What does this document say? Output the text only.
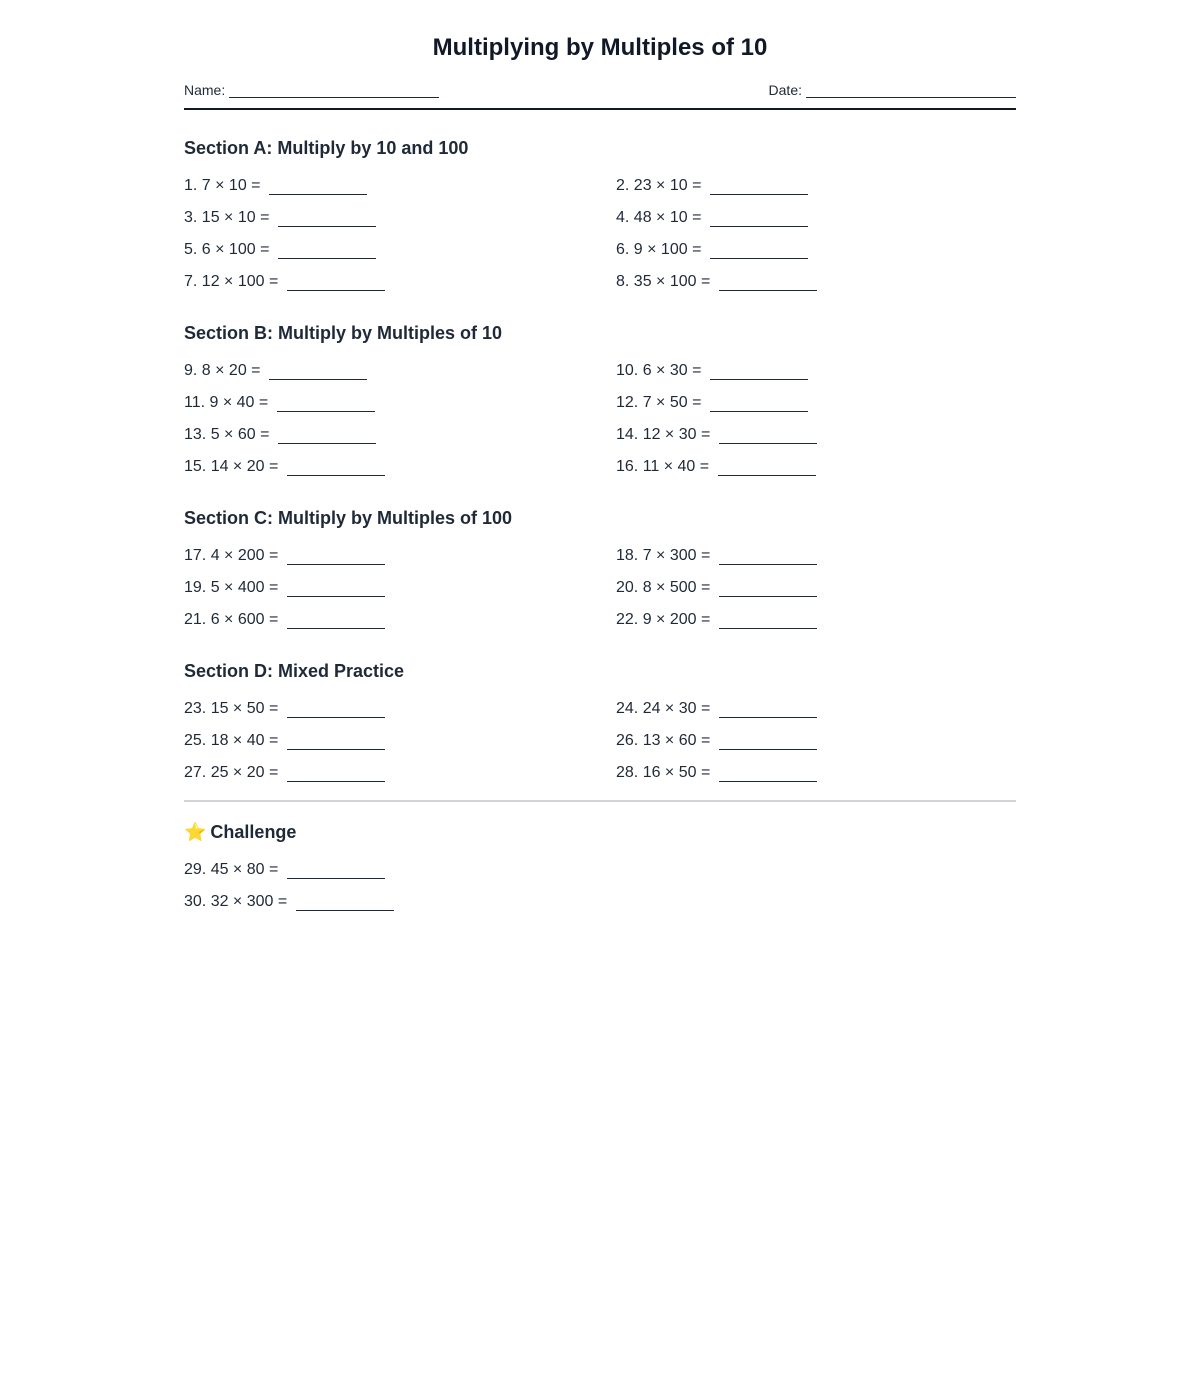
Multiplying by Multiples of 10
Name:	Date:
Section A: Multiply by 10 and 100
1. 7 × 10 =	2. 23 × 10 =
3. 15 × 10 =	4. 48 × 10 =
5. 6 × 100 =	6. 9 × 100 =
7. 12 × 100 =	8. 35 × 100 =
Section B: Multiply by Multiples of 10
9. 8 × 20 =	10. 6 × 30 =
11. 9 × 40 =	12. 7 × 50 =
13. 5 × 60 =	14. 12 × 30 =
15. 14 × 20 =	16. 11 × 40 =
Section C: Multiply by Multiples of 100
17. 4 × 200 =	18. 7 × 300 =
19. 5 × 400 =	20. 8 × 500 =
21. 6 × 600 =	22. 9 × 200 =
Section D: Mixed Practice
23. 15 × 50 =	24. 24 × 30 =
25. 18 × 40 =	26. 13 × 60 =
27. 25 × 20 =	28. 16 × 50 =
⭐ Challenge
29. 45 × 80 =
30. 32 × 300 =
